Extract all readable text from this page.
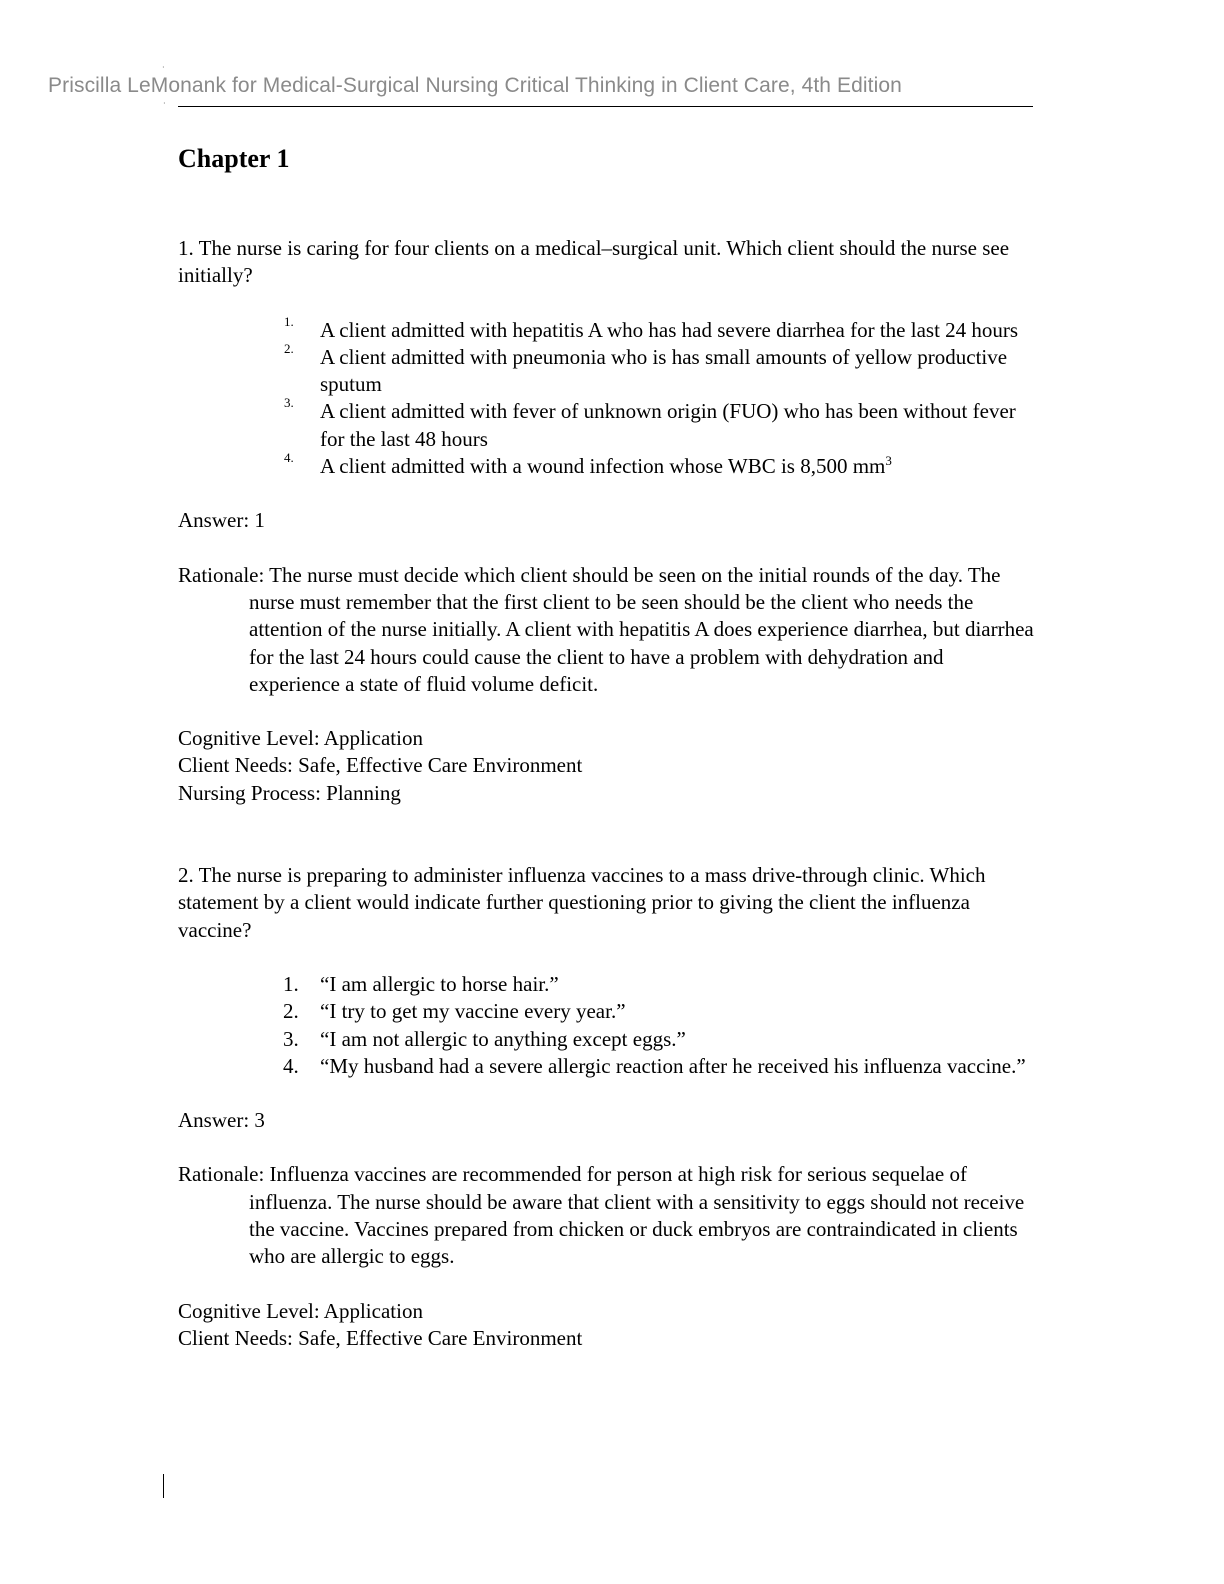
Priscilla LeMonank for Medical-Surgical Nursing Critical Thinking in Client Care, 4th Edition
·
·
Chapter 1

1. The nurse is caring for four clients on a medical–surgical unit. Which client should the nurse see initially?

1. A client admitted with hepatitis A who has had severe diarrhea for the last 24 hours
2. A client admitted with pneumonia who is has small amounts of yellow productive sputum
3. A client admitted with fever of unknown origin (FUO) who has been without fever for the last 48 hours
4. A client admitted with a wound infection whose WBC is 8,500 $mm^3$

Answer: 1

Rationale: The nurse must decide which client should be seen on the initial rounds of the day. The nurse must remember that the first client to be seen should be the client who needs the attention of the nurse initially. A client with hepatitis A does experience diarrhea, but diarrhea for the last 24 hours could cause the client to have a problem with dehydration and experience a state of fluid volume deficit.

Cognitive Level: Application
Client Needs: Safe, Effective Care Environment
Nursing Process: Planning

2. The nurse is preparing to administer influenza vaccines to a mass drive-through clinic. Which statement by a client would indicate further questioning prior to giving the client the influenza vaccine?

1. “I am allergic to horse hair.”
2. “I try to get my vaccine every year.”
3. “I am not allergic to anything except eggs.”
4. “My husband had a severe allergic reaction after he received his influenza vaccine.”

Answer: 3

Rationale: Influenza vaccines are recommended for person at high risk for serious sequelae of influenza. The nurse should be aware that client with a sensitivity to eggs should not receive the vaccine. Vaccines prepared from chicken or duck embryos are contraindicated in clients who are allergic to eggs.

Cognitive Level: Application
Client Needs: Safe, Effective Care Environment
